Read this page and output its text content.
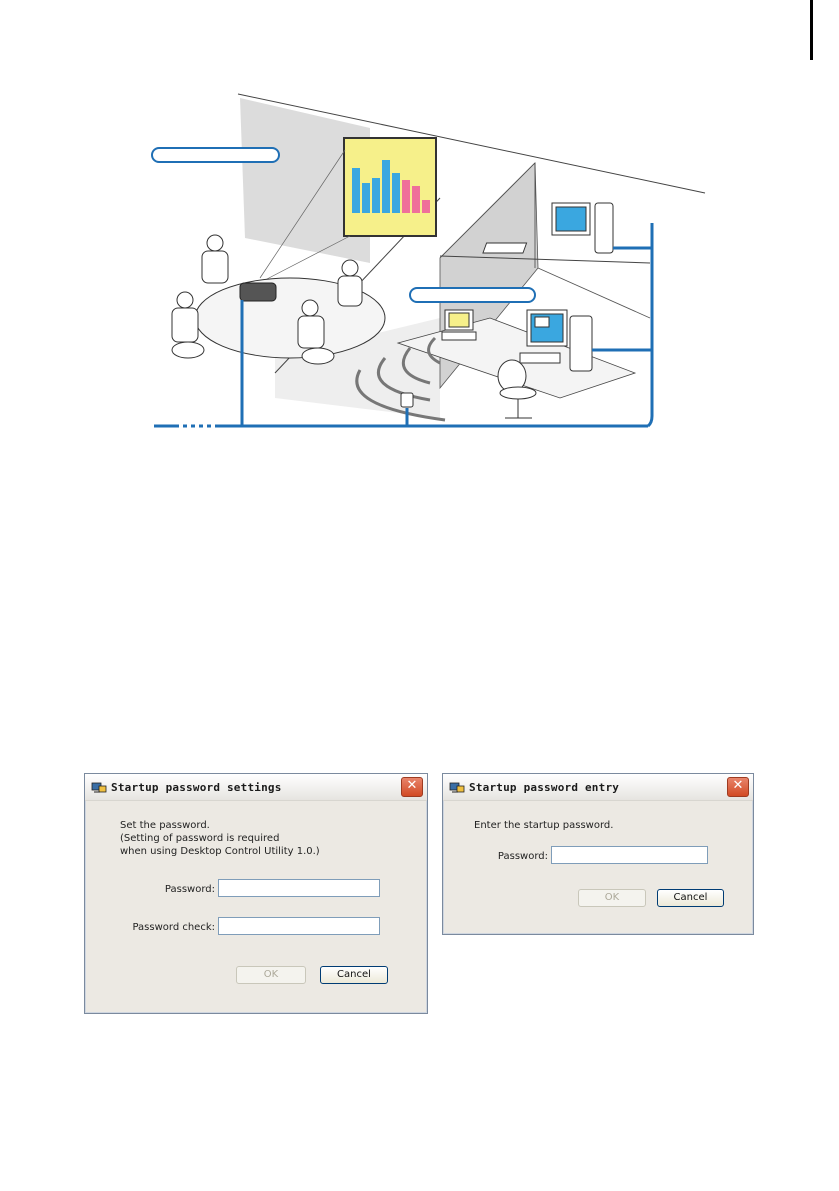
Startup password settings	✕
Set the password.
(Setting of password is required
when using Desktop Control Utility 1.0.)
Password:
Password check:
OK	Cancel
Startup password entry	✕
Enter the startup password.
Password:
OK	Cancel
